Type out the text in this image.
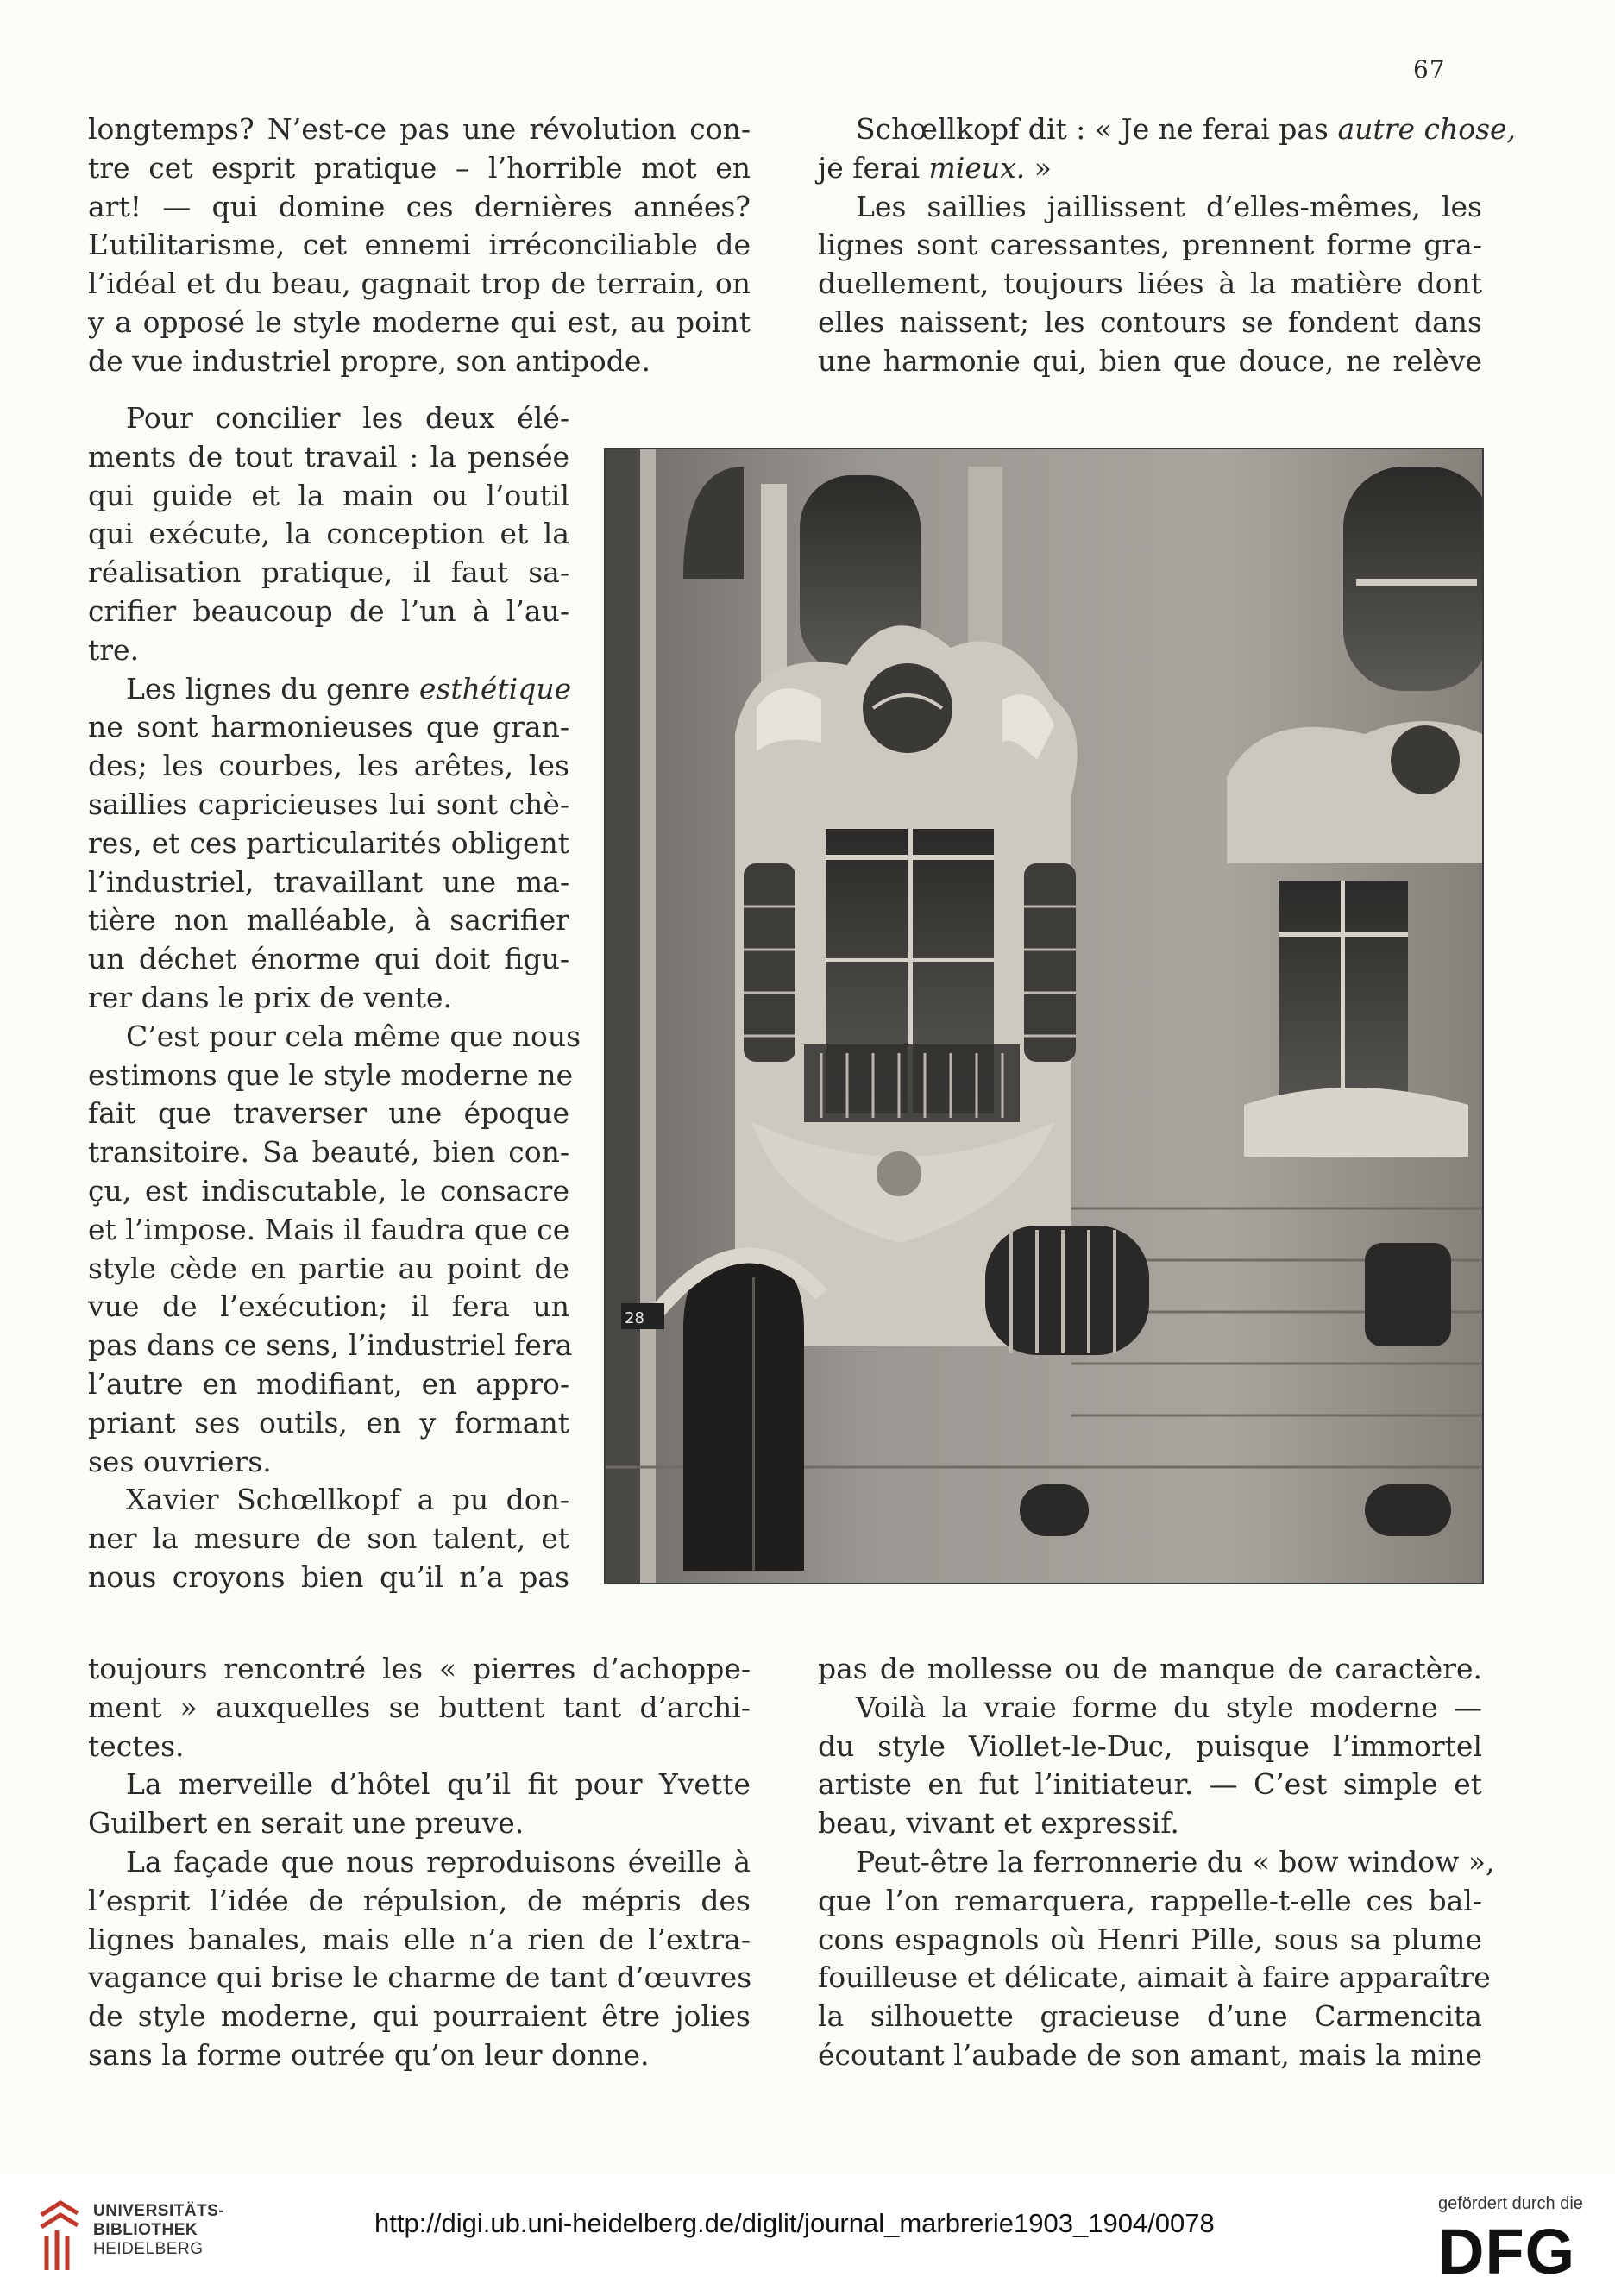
67
longtemps? N’est-ce pas une révolution con-
tre cet esprit pratique – l’horrible mot en
art! — qui domine ces dernières années?
L’utilitarisme, cet ennemi irréconciliable de
l’idéal et du beau, gagnait trop de terrain, on
y a opposé le style moderne qui est, au point
de vue industriel propre, son antipode.
Pour concilier les deux élé-
ments de tout travail : la pensée
qui guide et la main ou l’outil
qui exécute, la conception et la
réalisation pratique, il faut sa-
crifier beaucoup de l’un à l’au-
tre.
Les lignes du genre esthétique
ne sont harmonieuses que gran-
des; les courbes, les arêtes, les
saillies capricieuses lui sont chè-
res, et ces particularités obligent
l’industriel, travaillant une ma-
tière non malléable, à sacrifier
un déchet énorme qui doit figu-
rer dans le prix de vente.
C’est pour cela même que nous
estimons que le style moderne ne
fait que traverser une époque
transitoire. Sa beauté, bien con-
çu, est indiscutable, le consacre
et l’impose. Mais il faudra que ce
style cède en partie au point de
vue de l’exécution; il fera un
pas dans ce sens, l’industriel fera
l’autre en modifiant, en appro-
priant ses outils, en y formant
ses ouvriers.
Xavier Schœllkopf a pu don-
ner la mesure de son talent, et
nous croyons bien qu’il n’a pas
toujours rencontré les « pierres d’achoppe-
ment » auxquelles se buttent tant d’archi-
tectes.
La merveille d’hôtel qu’il fit pour Yvette
Guilbert en serait une preuve.
La façade que nous reproduisons éveille à
l’esprit l’idée de répulsion, de mépris des
lignes banales, mais elle n’a rien de l’extra-
vagance qui brise le charme de tant d’œuvres
de style moderne, qui pourraient être jolies
sans la forme outrée qu’on leur donne.
Schœllkopf dit : « Je ne ferai pas autre chose,
je ferai mieux. »
Les saillies jaillissent d’elles-mêmes, les
lignes sont caressantes, prennent forme gra-
duellement, toujours liées à la matière dont
elles naissent; les contours se fondent dans
une harmonie qui, bien que douce, ne relève
28
pas de mollesse ou de manque de caractère.
Voilà la vraie forme du style moderne —
du style Viollet-le-Duc, puisque l’immortel
artiste en fut l’initiateur. — C’est simple et
beau, vivant et expressif.
Peut-être la ferronnerie du « bow window »,
que l’on remarquera, rappelle-t-elle ces bal-
cons espagnols où Henri Pille, sous sa plume
fouilleuse et délicate, aimait à faire apparaître
la silhouette gracieuse d’une Carmencita
écoutant l’aubade de son amant, mais la mine
UNIVERSITÄTS-
BIBLIOTHEK
HEIDELBERG
http://digi.ub.uni-heidelberg.de/diglit/journal_marbrerie1903_1904/0078
gefördert durch die
DFG
